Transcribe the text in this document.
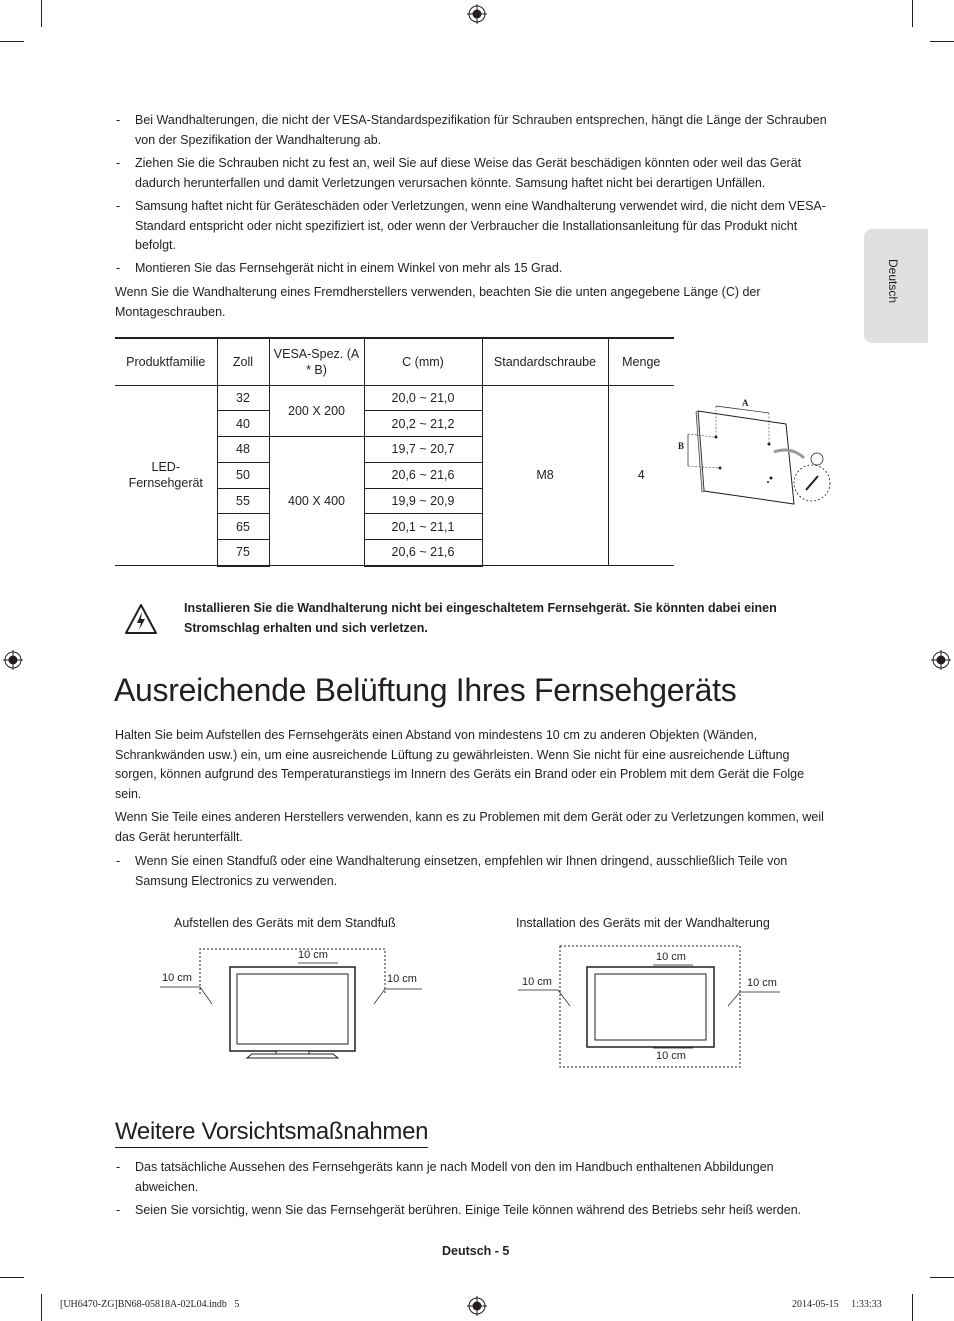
Deutsch
- Bei Wandhalterungen, die nicht der VESA-Standardspezifikation für Schrauben entsprechen, hängt die Länge der Schrauben von der Spezifikation der Wandhalterung ab.
- Ziehen Sie die Schrauben nicht zu fest an, weil Sie auf diese Weise das Gerät beschädigen könnten oder weil das Gerät dadurch herunterfallen und damit Verletzungen verursachen könnte. Samsung haftet nicht bei derartigen Unfällen.
- Samsung haftet nicht für Geräteschäden oder Verletzungen, wenn eine Wandhalterung verwendet wird, die nicht dem VESA-Standard entspricht oder nicht spezifiziert ist, oder wenn der Verbraucher die Installationsanleitung für das Produkt nicht befolgt.
- Montieren Sie das Fernsehgerät nicht in einem Winkel von mehr als 15 Grad.
Wenn Sie die Wandhalterung eines Fremdherstellers verwenden, beachten Sie die unten angegebene Länge (C) der Montageschrauben.
Produktfamilie	Zoll	VESA-Spez. (A * B)	C (mm)	Standardschraube	Menge
LED-Fernsehgerät	32	200 X 200	20,0 ~ 21,0	M8	4
	40		20,2 ~ 21,2		
	48	400 X 400	19,7 ~ 20,7		
	50		20,6 ~ 21,6		
	55		19,9 ~ 20,9		
	65		20,1 ~ 21,1		
	75		20,6 ~ 21,6		
A
B
Installieren Sie die Wandhalterung nicht bei eingeschaltetem Fernsehgerät. Sie könnten dabei einen Stromschlag erhalten und sich verletzen.
Ausreichende Belüftung Ihres Fernsehgeräts
Halten Sie beim Aufstellen des Fernsehgeräts einen Abstand von mindestens 10 cm zu anderen Objekten (Wänden, Schrankwänden usw.) ein, um eine ausreichende Lüftung zu gewährleisten. Wenn Sie nicht für eine ausreichende Lüftung sorgen, können aufgrund des Temperaturanstiegs im Innern des Geräts ein Brand oder ein Problem mit dem Gerät die Folge sein.
Wenn Sie Teile eines anderen Herstellers verwenden, kann es zu Problemen mit dem Gerät oder zu Verletzungen kommen, weil das Gerät herunterfällt.
- Wenn Sie einen Standfuß oder eine Wandhalterung einsetzen, empfehlen wir Ihnen dringend, ausschließlich Teile von Samsung Electronics zu verwenden.
Aufstellen des Geräts mit dem Standfuß	Installation des Geräts mit der Wandhalterung
10 cm
10 cm	10 cm
10 cm
10 cm	10 cm
10 cm
Weitere Vorsichtsmaßnahmen
- Das tatsächliche Aussehen des Fernsehgeräts kann je nach Modell von den im Handbuch enthaltenen Abbildungen abweichen.
- Seien Sie vorsichtig, wenn Sie das Fernsehgerät berühren. Einige Teile können während des Betriebs sehr heiß werden.
Deutsch - 5
[UH6470-ZG]BN68-05818A-02L04.indb   5	2014-05-15      1:33:33
